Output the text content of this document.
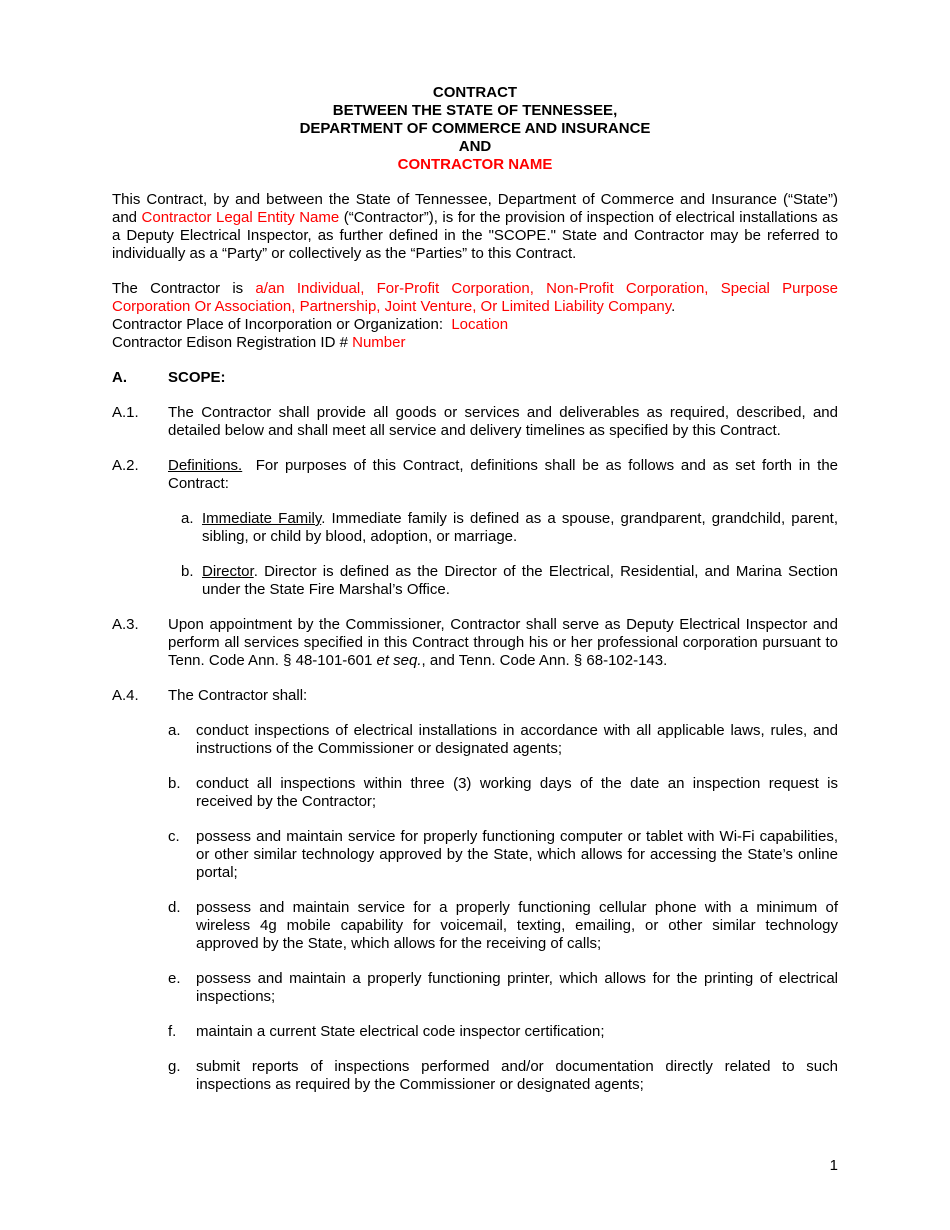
CONTRACT
BETWEEN THE STATE OF TENNESSEE,
DEPARTMENT OF COMMERCE AND INSURANCE
AND
CONTRACTOR NAME

This Contract, by and between the State of Tennessee, Department of Commerce and Insurance (“State”) and Contractor Legal Entity Name (“Contractor”), is for the provision of inspection of electrical installations as a Deputy Electrical Inspector, as further defined in the "SCOPE." State and Contractor may be referred to individually as a “Party” or collectively as the “Parties” to this Contract.

The Contractor is a/an Individual, For-Profit Corporation, Non-Profit Corporation, Special Purpose Corporation Or Association, Partnership, Joint Venture, Or Limited Liability Company.

Contractor Place of Incorporation or Organization:  Location
Contractor Edison Registration ID # Number
A.	SCOPE:
A.1.	The Contractor shall provide all goods or services and deliverables as required, described, and detailed below and shall meet all service and delivery timelines as specified by this Contract.
A.2.	Definitions.  For purposes of this Contract, definitions shall be as follows and as set forth in the Contract:
a. Immediate Family. Immediate family is defined as a spouse, grandparent, grandchild, parent, sibling, or child by blood, adoption, or marriage.
b. Director. Director is defined as the Director of the Electrical, Residential, and Marina Section under the State Fire Marshal’s Office.
A.3.	Upon appointment by the Commissioner, Contractor shall serve as Deputy Electrical Inspector and perform all services specified in this Contract through his or her professional corporation pursuant to Tenn. Code Ann. § 48-101-601 et seq., and Tenn. Code Ann. § 68-102-143.
A.4.	The Contractor shall:
a.	conduct inspections of electrical installations in accordance with all applicable laws, rules, and instructions of the Commissioner or designated agents;
b.	conduct all inspections within three (3) working days of the date an inspection request is received by the Contractor;
c.	possess and maintain service for properly functioning computer or tablet with Wi-Fi capabilities, or other similar technology approved by the State, which allows for accessing the State’s online portal;
d.	possess and maintain service for a properly functioning cellular phone with a minimum of wireless 4g mobile capability for voicemail, texting, emailing, or other similar technology approved by the State, which allows for the receiving of calls;
e.	possess and maintain a properly functioning printer, which allows for the printing of electrical inspections;
f.	maintain a current State electrical code inspector certification;
g.	submit reports of inspections performed and/or documentation directly related to such inspections as required by the Commissioner or designated agents;
1
